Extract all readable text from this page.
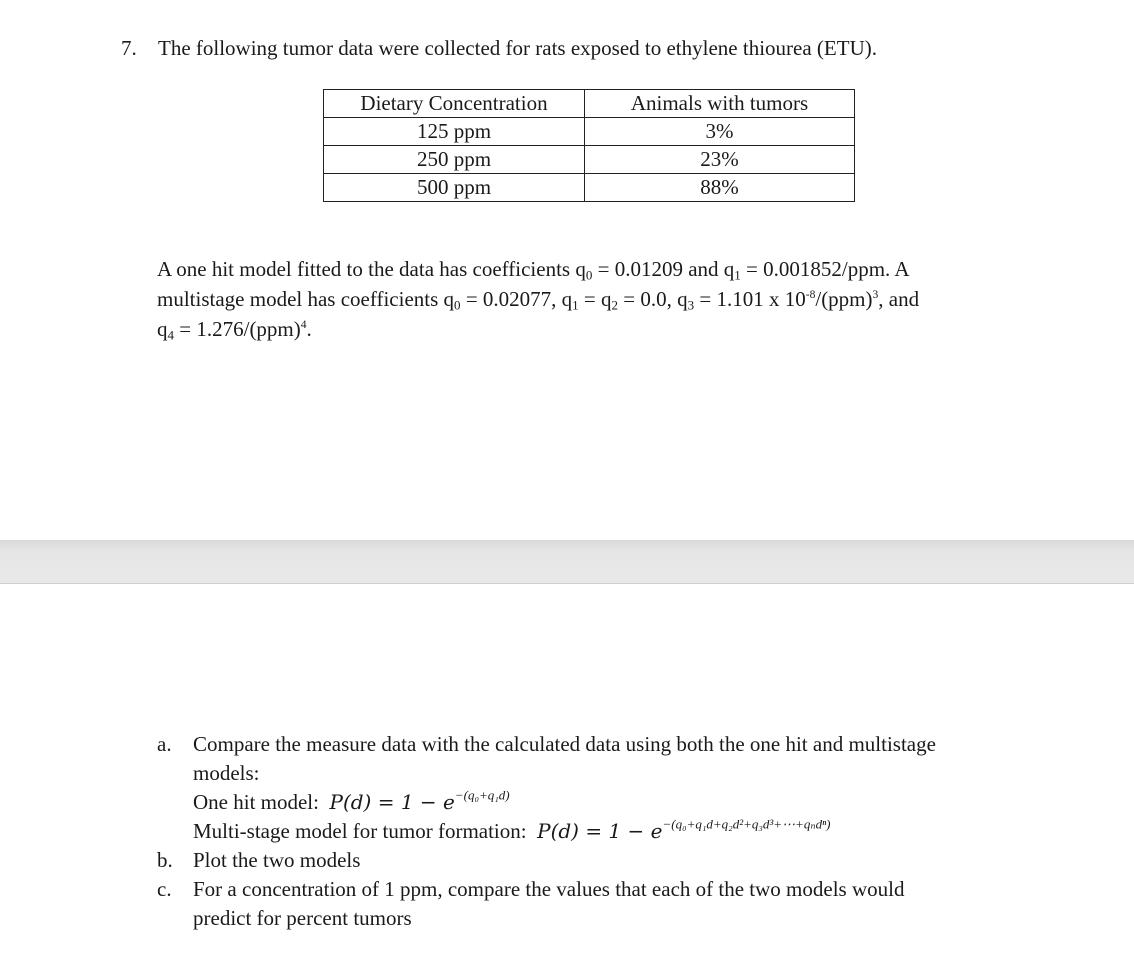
7. The following tumor data were collected for rats exposed to ethylene thiourea (ETU).
Dietary Concentration	Animals with tumors
125 ppm	3%
250 ppm	23%
500 ppm	88%

A one hit model fitted to the data has coefficients $q_0 = 0.01209$ and $q_1 = 0.001852/ppm$. A

multistage model has coefficients $q_0 = 0.02077$, $q_1 = q_2 = 0.0$, $q_3 = 1.101$ x $10^{-8}/(ppm)^3$, and

$q_4 = 1.276/(ppm)^4$.

a. Compare the measure data with the calculated data using both the one hit and multistage
models:
One hit model: $P(d) = 1 - e^{-(q_0+q_1d)}$
Multi-stage model for tumor formation: $P(d) = 1 - e^{-(q_0+q_1d+q_2d^2+q_3d^3+\cdots+q_nd^n)}$
b. Plot the two models
c. For a concentration of 1 ppm, compare the values that each of the two models would
predict for percent tumors
